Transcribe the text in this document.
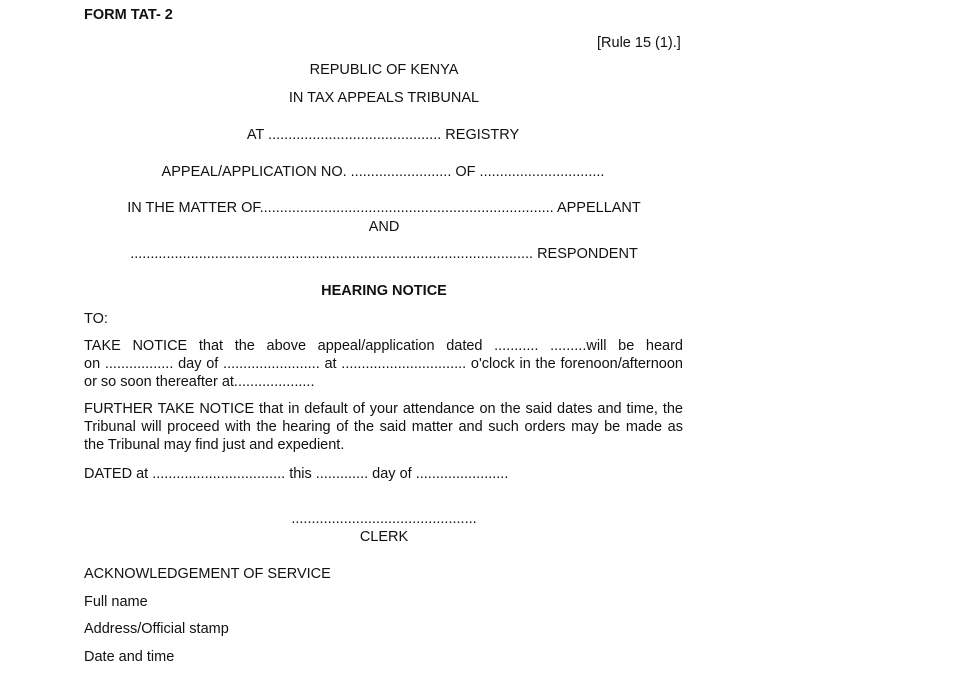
FORM TAT- 2
[Rule 15 (1).]
REPUBLIC OF KENYA
IN TAX APPEALS TRIBUNAL
AT ........................................... REGISTRY
APPEAL/APPLICATION NO. ......................... OF ...............................
IN THE MATTER OF......................................................................... APPELLANT
AND
.................................................................................................... RESPONDENT
HEARING NOTICE
TO:
TAKE NOTICE that the above appeal/application dated ........... .........will be heard
on ................. day of ........................ at ............................... o'clock in the forenoon/afternoon
or so soon thereafter at....................
FURTHER TAKE NOTICE that in default of your attendance on the said dates and time, the
Tribunal will proceed with the hearing of the said matter and such orders may be made as
the Tribunal may find just and expedient.
DATED at ................................. this ............. day of .......................
..............................................
CLERK
ACKNOWLEDGEMENT OF SERVICE
Full name
Address/Official stamp
Date and time
